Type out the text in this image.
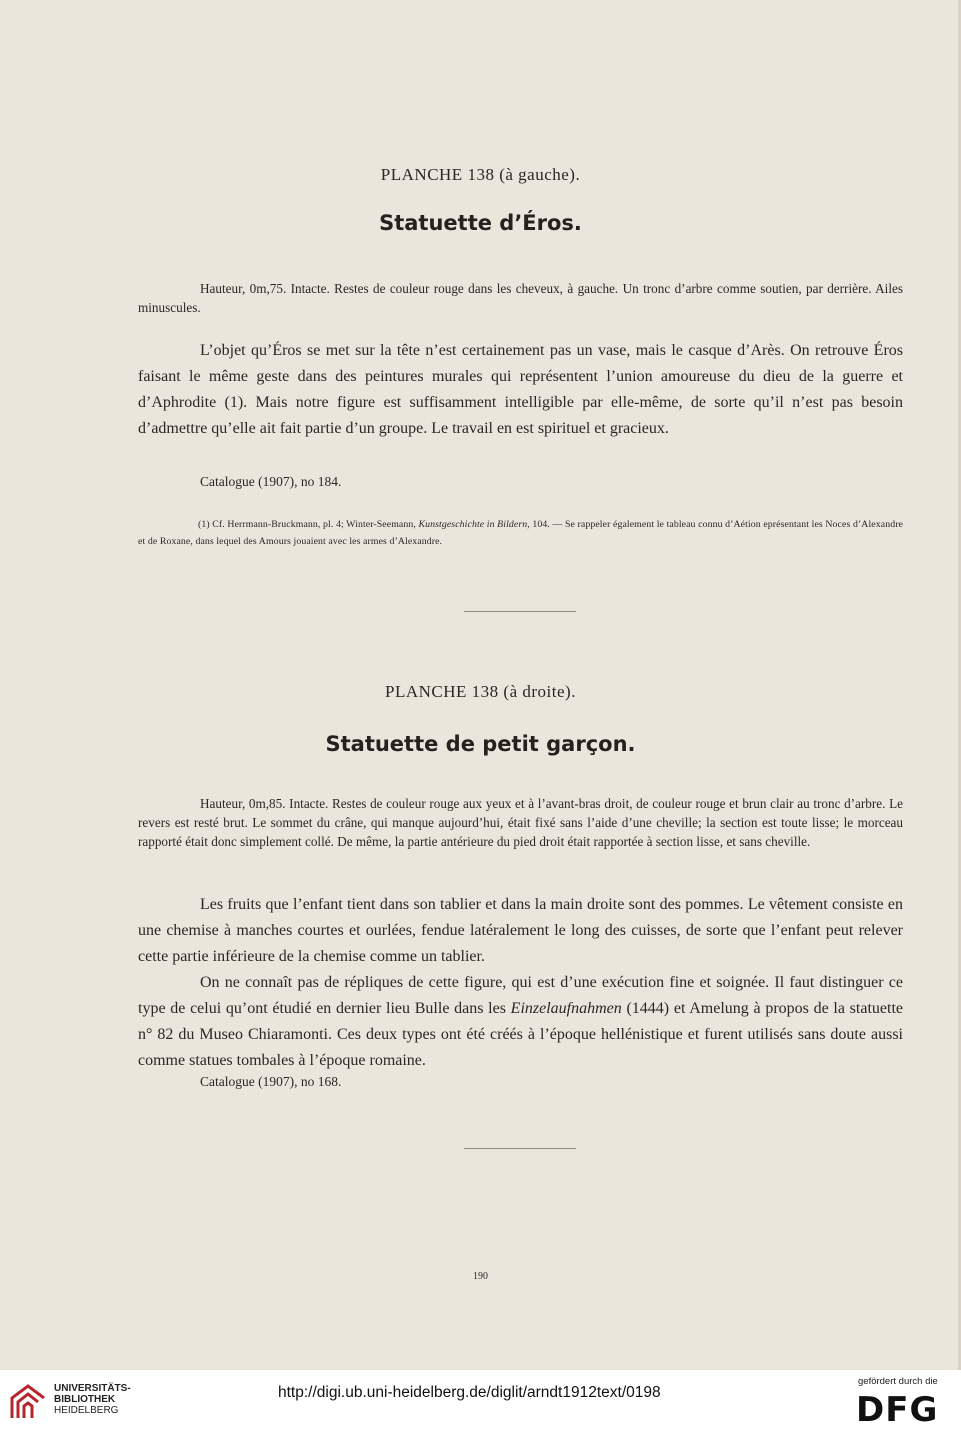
PLANCHE 138 (à gauche).
Statuette d’Éros.

Hauteur, 0m,75. Intacte. Restes de couleur rouge dans les cheveux, à gauche. Un tronc d’arbre comme soutien, par derrière. Ailes minuscules.

L’objet qu’Éros se met sur la tête n’est certainement pas un vase, mais le casque d’Arès. On retrouve Éros faisant le même geste dans des peintures murales qui représentent l’union amoureuse du dieu de la guerre et d’Aphrodite (1). Mais notre figure est suffisamment intelligible par elle-même, de sorte qu’il n’est pas besoin d’admettre qu’elle ait fait partie d’un groupe. Le travail en est spirituel et gracieux.

Catalogue (1907), no 184.

(1) Cf. Herrmann-Bruckmann, pl. 4; Winter-Seemann, Kunstgeschichte in Bildern, 104. — Se rappeler également le tableau connu d’Aétion eprésentant les Noces d’Alexandre et de Roxane, dans lequel des Amours jouaient avec les armes d’Alexandre.

PLANCHE 138 (à droite).
Statuette de petit garçon.

Hauteur, 0m,85. Intacte. Restes de couleur rouge aux yeux et à l’avant-bras droit, de couleur rouge et brun clair au tronc d’arbre. Le revers est resté brut. Le sommet du crâne, qui manque aujourd’hui, était fixé sans l’aide d’une cheville; la section est toute lisse; le morceau rapporté était donc simplement collé. De même, la partie antérieure du pied droit était rapportée à section lisse, et sans cheville.

Les fruits que l’enfant tient dans son tablier et dans la main droite sont des pommes. Le vêtement consiste en une chemise à manches courtes et ourlées, fendue latéralement le long des cuisses, de sorte que l’enfant peut relever cette partie inférieure de la chemise comme un tablier.

On ne connaît pas de répliques de cette figure, qui est d’une exécution fine et soignée. Il faut distinguer ce type de celui qu’ont étudié en dernier lieu Bulle dans les Einzelaufnahmen (1444) et Amelung à propos de la statuette n° 82 du Museo Chiaramonti. Ces deux types ont été créés à l’époque hellénistique et furent utilisés sans doute aussi comme statues tombales à l’époque romaine.

Catalogue (1907), no 168.

190

UNIVERSITÄTS-
BIBLIOTHEK
HEIDELBERG
http://digi.ub.uni-heidelberg.de/diglit/arndt1912text/0198
gefördert durch die
DFG
